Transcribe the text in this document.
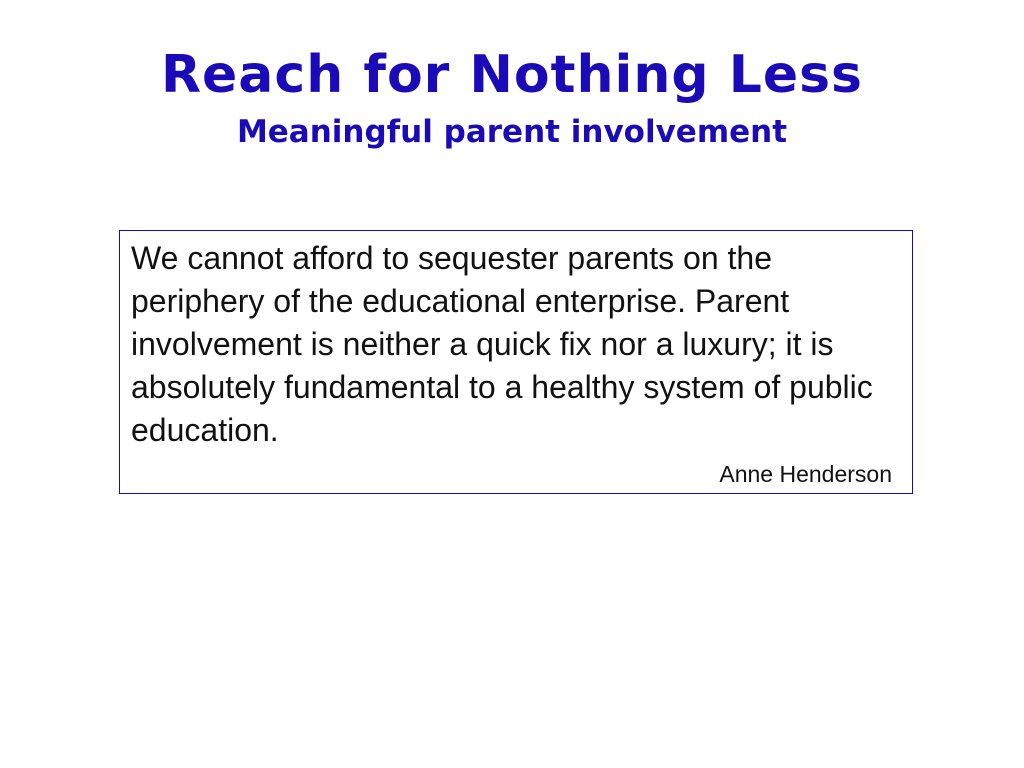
Reach for Nothing Less
Meaningful parent involvement

We cannot afford to sequester parents on the periphery of the educational enterprise. Parent involvement is neither a quick fix nor a luxury; it is absolutely fundamental to a healthy system of public education.

Anne Henderson
